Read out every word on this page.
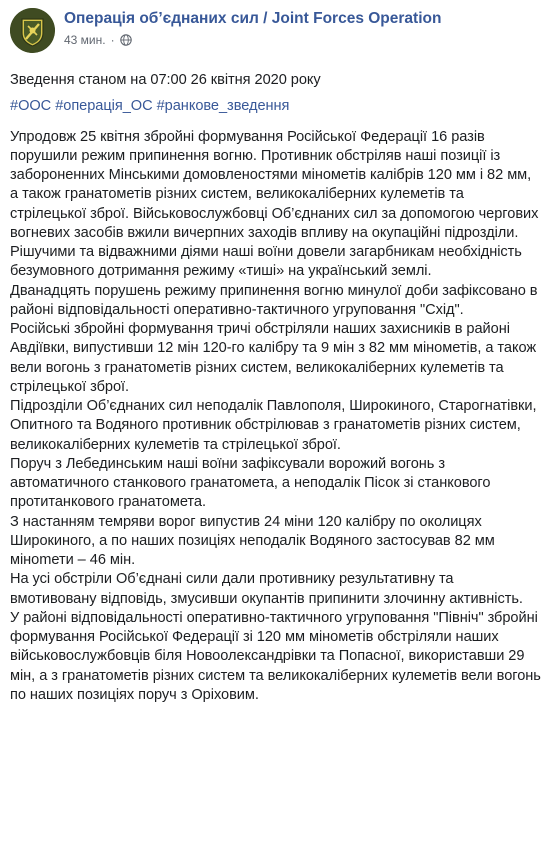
Операція об’єднаних сил / Joint Forces Operation
43 мин. ·

Зведення станом на 07:00 26 квітня 2020 року

#ООС #операція_ОС #ранкове_зведення

Упродовж 25 квітня збройні формування Російської Федерації 16 разів порушили режим припинення вогню. Противник обстріляв наші позиції із забороненних Мінськими домовленостями мінометів калібрів 120 мм і 82 мм, а також гранатометів різних систем, великокаліберних кулеметів та стрілецької зброї. Військовослужбовці Об’єднаних сил за допомогою чергових вогневих засобів вжили вичерпних заходів впливу на окупаційні підрозділи. Рішучими та відважними діями наші воїни довели загарбникам необхідність безумовного дотримання режиму «тиші» на український землі.

Дванадцять порушень режиму припинення вогню минулої доби зафіксовано в районі відповідальності оперативно-тактичного угруповання "Схід".

Російські збройні формування тричі обстріляли наших захисників в районі Авдіївки, випустивши 12 мін 120-го калібру та 9 мін з 82 мм мінометів, а також вели вогонь з гранатометів різних систем, великокаліберних кулеметів та стрілецької зброї.

Підрозділи Об’єднаних сил неподалік Павлополя, Широкиного, Старогнатівки, Опитного та Водяного противник обстрілював з гранатометів різних систем, великокаліберних кулеметів та стрілецької зброї.

Поруч з Лебединським наші воїни зафіксували ворожий вогонь з автоматичного станкового гранатомета, а неподалік Пісок зі станкового протитанкового гранатомета.

З настанням темряви ворог випустив 24 міни 120 калібру по околицях Широкиного, а по наших позиціях неподалік Водяного застосував 82 мм мінomети – 46 мін.

На усі обстріли Об’єднані сили дали противнику результативну та вмотивовану відповідь, змусивши окупантів припинити злочинну активність.

У районі відповідальності оперативно-тактичного угруповання "Північ" збройні формування Російської Федерації зі 120 мм мінометів обстріляли наших військовослужбовців біля Новоолександрівки та Попасної, використавши 29 мін, а з гранатометів різних систем та великокаліберних кулеметів вели вогонь по наших позиціях поруч з Оріховим.
